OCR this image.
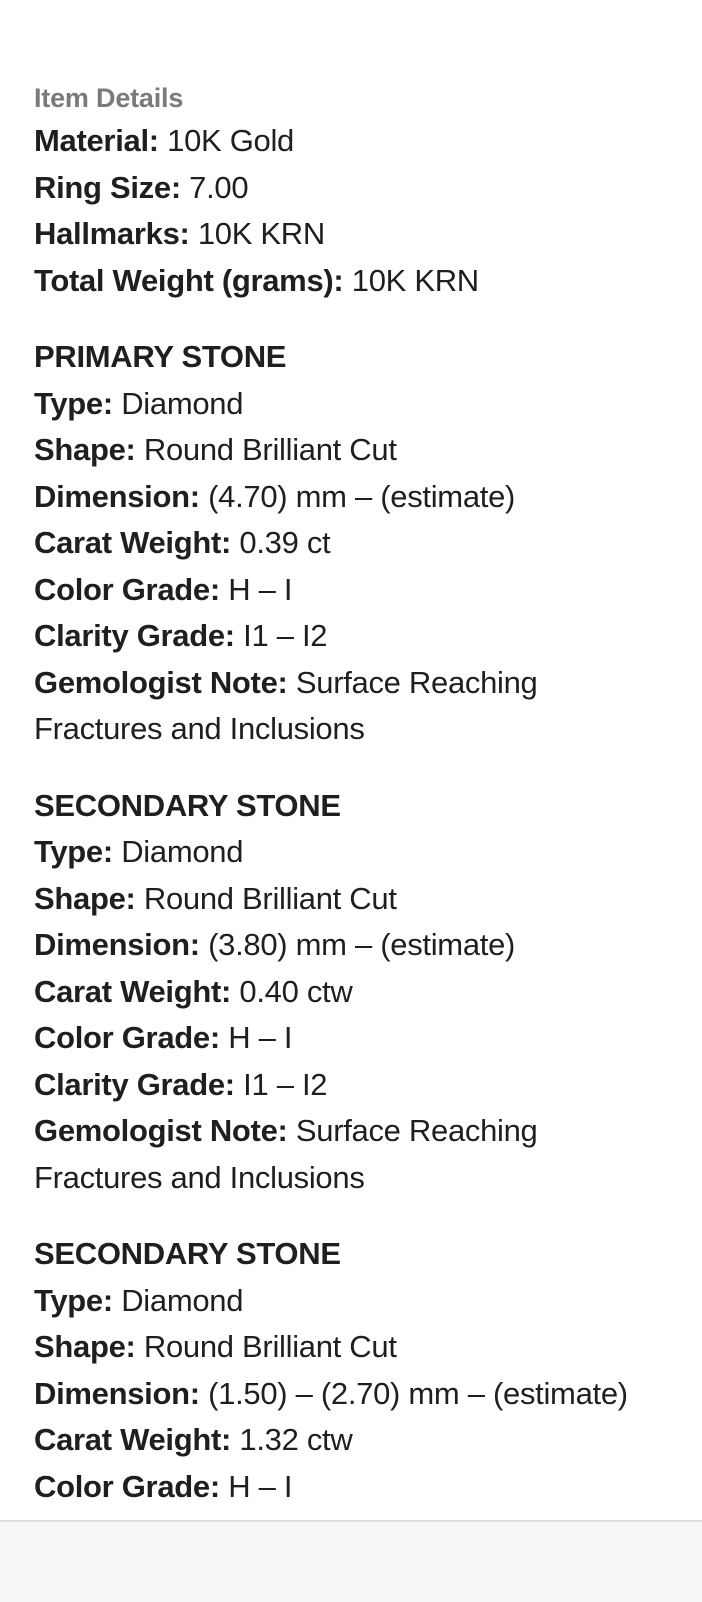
Item Details
Material: 10K Gold
Ring Size: 7.00
Hallmarks: 10K KRN
Total Weight (grams): 10K KRN
PRIMARY STONE
Type: Diamond
Shape: Round Brilliant Cut
Dimension: (4.70) mm – (estimate)
Carat Weight: 0.39 ct
Color Grade: H – I
Clarity Grade: I1 – I2
Gemologist Note: Surface Reaching Fractures and Inclusions
SECONDARY STONE
Type: Diamond
Shape: Round Brilliant Cut
Dimension: (3.80) mm – (estimate)
Carat Weight: 0.40 ctw
Color Grade: H – I
Clarity Grade: I1 – I2
Gemologist Note: Surface Reaching Fractures and Inclusions
SECONDARY STONE
Type: Diamond
Shape: Round Brilliant Cut
Dimension: (1.50) – (2.70) mm – (estimate)
Carat Weight: 1.32 ctw
Color Grade: H – I
